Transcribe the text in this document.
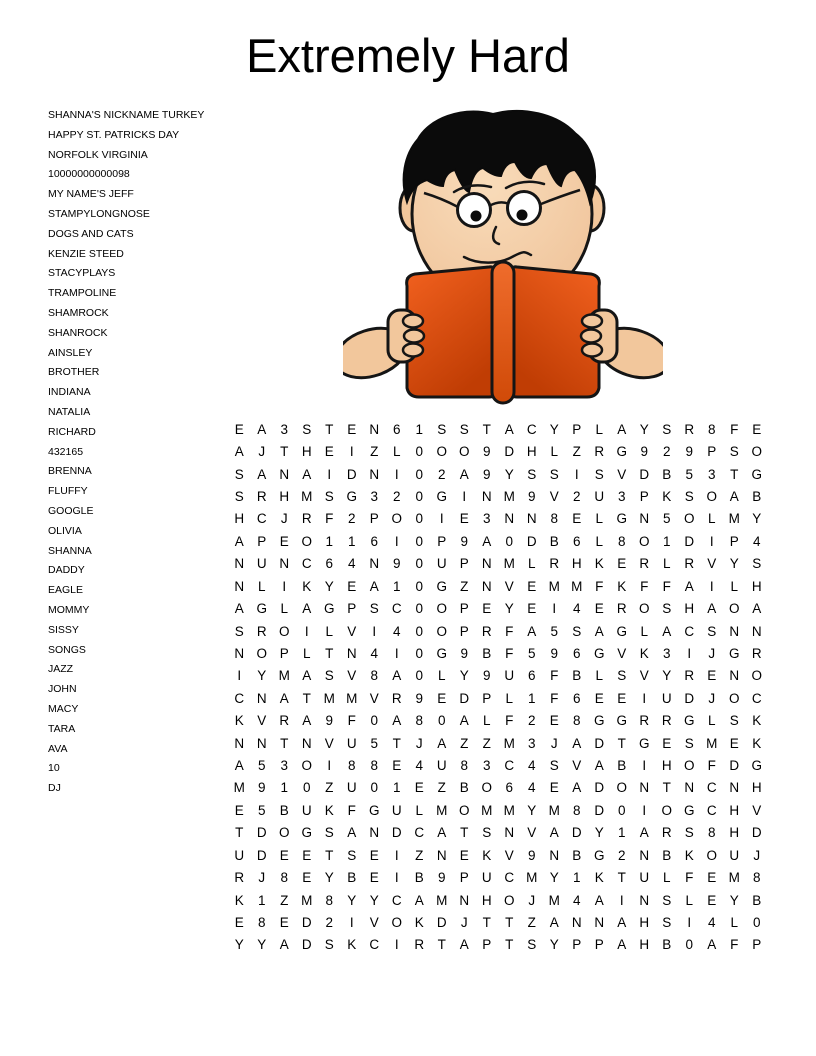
Extremely Hard
SHANNA'S NICKNAME TURKEY
HAPPY ST. PATRICKS DAY
NORFOLK VIRGINIA
10000000000098
MY NAME'S JEFF
STAMPYLONGNOSE
DOGS AND CATS
KENZIE STEED
STACYPLAYS
TRAMPOLINE
SHAMROCK
SHANROCK
AINSLEY
BROTHER
INDIANA
NATALIA
RICHARD
432165
BRENNA
FLUFFY
GOOGLE
OLIVIA
SHANNA
DADDY
EAGLE
MOMMY
SISSY
SONGS
JAZZ
JOHN
MACY
TARA
AVA
10
DJ
E A	3	S	T	E N	6	1	S S	T	A C Y P	L	A Y S R	8	F	E
A	J	T	H E	I	Z	L	0 O O 9	D H	L	Z	R G 9	2	9	P S O
S A N A	I	D N	I	0	2	A	9	Y S S	I	S V D B	5	3	T G
S R H M S G 3	2	0 G	I	N M 9	V	2	U	3	P K S O A B
H C	J	R	F	2	P O 0	I	E	3	N N	8	E	L G N	5 O L M Y
A P E O 1	1	6	I	0	P	9	A	0	D B	6	L	8 O 1	D	I	P	4
N U N C	6	4	N	9	0	U P N M L	R H K E R	L	R V Y S
N	L	I	K Y E A	1	0 G Z	N V E M M F	K	F	F	A	I	L	H
A G L	A G P S C	0 O P E Y E	I	4	E R O S H A O A
S R O	I	L	V	I	4	0 O P R	F	A	5	S A G L	A C S N N
N O P	L	T	N	4	I	0 G 9	B	F	5	9	6 G V K	3	I	J	G R
I	Y M A S V	8	A	0	L	Y	9	U	6	F	B	L	S V Y R E N O
C N A	T M M V R	9	E D P	L	1	F	6	E E	I	U D	J	O C
K V R A	9	F	0	A	8	0	A	L	F	2	E	8 G G R R G L	S K
N N	T	N V U	5	T	J	A	Z	Z M 3	J	A D	T G E S M E K
A	5	3 O	I	8	8	E	4	U	8	3	C	4	S V A B	I	H O F	D G
M 9	1	0	Z	U	0	1	E	Z	B O 6	4	E A D O N	T	N C N H
E	5	B U K	F G U	L M O M M Y M 8	D	0	I	O G C H V
T	D O G S A N D C A	T	S N V A D Y	1	A R S	8	H D
U D E E	T	S E	I	Z	N E K V	9	N B G 2	N B K O U	J
R	J	8	E Y B E	I	B	9	P U C M Y	1	K	T	U	L	F	E M 8
K	1	Z M 8	Y Y C A M N H O	J	M 4	A	I	N S	L	E Y B
E	8	E D	2	I	V O K D	J	T	T	Z	A N N A H S	I	4	L	0
Y Y A D S K C	I	R	T	A P	T	S Y P P A H B	0	A	F	P
